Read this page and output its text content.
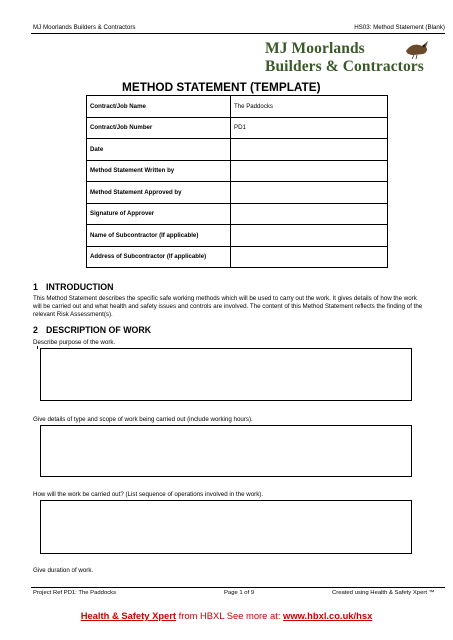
MJ Moorlands Builders & Contractors	HS03: Method Statement (Blank)
MJ Moorlands
Builders & Contractors
METHOD STATEMENT (TEMPLATE)
Contract/Job Name	The Paddocks
Contract/Job Number	PD1
Date	
Method Statement Written by	
Method Statement Approved by	
Signature of Approver	
Name of Subcontractor (If applicable)	
Address of Subcontractor (If applicable)	
1 INTRODUCTION
This Method Statement describes the specific safe working methods which will be used to carry out the work. It gives details of how the work will be carried out and what health and safety issues and controls are involved. The content of this Method Statement reflects the finding of the relevant Risk Assessment(s).
2 DESCRIPTION OF WORK
Describe purpose of the work.
Give details of type and scope of work being carried out (include working hours).
How will the work be carried out? (List sequence of operations involved in the work).
Give duration of work.
Project Ref PD1: The Paddocks	Page 1 of 9	Created using Health & Safety Xpert ™
Health & Safety Xpert from HBXL See more at: www.hbxl.co.uk/hsx
